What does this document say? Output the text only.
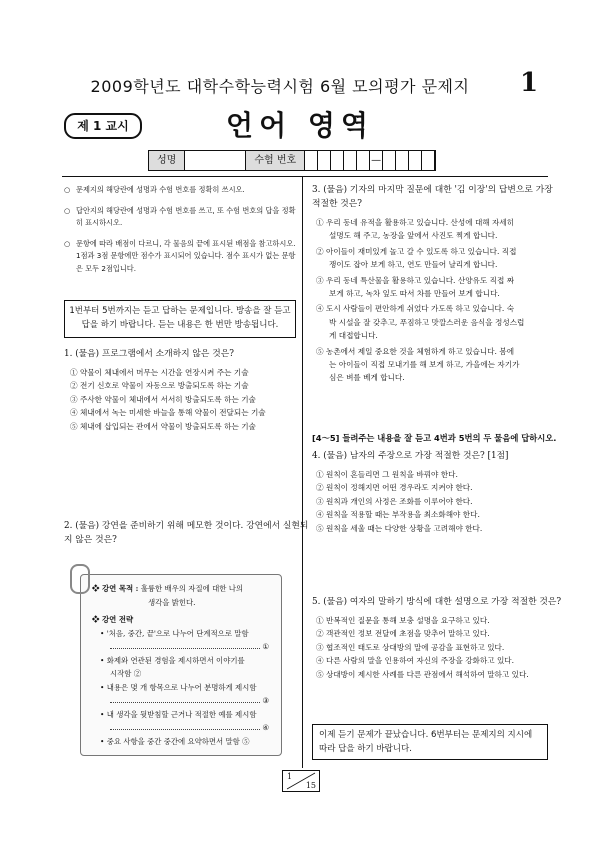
2009학년도 대학수학능력시험 6월 모의평가 문제지	1
제 1 교시	언어 영역
성명	수험 번호	—
○ 문제지의 해당란에 성명과 수험 번호를 정확히 쓰시오.
○ 답안지의 해당란에 성명과 수험 번호를 쓰고, 또 수험 번호의 답을 정확히 표시하시오.
○ 문항에 따라 배점이 다르니, 각 물음의 끝에 표시된 배점을 참고하시오. 1점과 3점 문항에만 점수가 표시되어 있습니다. 점수 표시가 없는 문항은 모두 2점입니다.
1번부터 5번까지는 듣고 답하는 문제입니다. 방송을 잘 듣고
답을 하기 바랍니다. 듣는 내용은 한 번만 방송됩니다.
1. (물음) 프로그램에서 소개하지 않은 것은?
① 약물이 체내에서 머무는 시간을 연장시켜 주는 기술
② 전기 신호로 약물이 자동으로 방출되도록 하는 기술
③ 주사한 약물이 체내에서 서서히 방출되도록 하는 기술
④ 체내에서 녹는 미세한 바늘을 통해 약물이 전달되는 기술
⑤ 체내에 삽입되는 관에서 약물이 방출되도록 하는 기술
2. (물음) 강연을 준비하기 위해 메모한 것이다. 강연에서 실현되
지 않은 것은?
❖ 강연 목적 : 훌륭한 배우의 자질에 대한 나의
생각을 밝힌다.
❖ 강연 전략
• '처음, 중간, 끝'으로 나누어 단계적으로 말함
①
• 화제와 연관된 경험을 제시하면서 이야기를
시작함 ②
• 내용은 몇 개 항목으로 나누어 분명하게 제시함
③
• 내 생각을 뒷받침할 근거나 적절한 예를 제시함
④
• 중요 사항을 중간 중간에 요약하면서 말함 ⑤
3. (물음) 기자의 마지막 질문에 대한 '김 이장'의 답변으로 가장
적절한 것은?
① 우리 동네 유적을 활용하고 있습니다. 산성에 대해 자세히
설명도 해 주고, 농장을 앞에서 사진도 찍게 합니다.
② 아이들이 재미있게 놀고 갈 수 있도록 하고 있습니다. 직접
쟁이도 잡아 보게 하고, 연도 만들어 날리게 합니다.
③ 우리 동네 특산물을 활용하고 있습니다. 산양유도 직접 짜
보게 하고, 녹차 잎도 따서 차를 만들어 보게 합니다.
④ 도시 사람들이 편안하게 쉬었다 가도록 하고 있습니다. 숙
박 시설을 잘 갖추고, 푸짐하고 맛깔스러운 음식을 정성스럽
게 대접합니다.
⑤ 농촌에서 제일 중요한 것을 체험하게 하고 있습니다. 봄에
는 아이들이 직접 모내기를 해 보게 하고, 가을에는 자기가
심은 벼를 베게 합니다.
[4～5] 들려주는 내용을 잘 듣고 4번과 5번의 두 물음에 답하시오.
4. (물음) 남자의 주장으로 가장 적절한 것은? [1점]
① 원칙이 혼들리면 그 원칙을 바꿔야 한다.
② 원칙이 정해지면 어떤 경우라도 지켜야 한다.
③ 원칙과 개인의 사정은 조화를 이루어야 한다.
④ 원칙을 적용할 때는 부작용을 최소화해야 한다.
⑤ 원칙을 세울 때는 다양한 상황을 고려해야 한다.
5. (물음) 여자의 말하기 방식에 대한 설명으로 가장 적절한 것은?
① 반복적인 질문을 통해 보충 설명을 요구하고 있다.
② 객관적인 정보 전달에 초점을 맞추어 말하고 있다.
③ 협조적인 태도로 상대방의 말에 공감을 표현하고 있다.
④ 다른 사람의 말을 인용하여 자신의 주장을 강화하고 있다.
⑤ 상대방이 제시한 사례를 다른 관점에서 해석하여 말하고 있다.
이제 듣기 문제가 끝났습니다. 6번부터는 문제지의 지시에
따라 답을 하기 바랍니다.
1
15
